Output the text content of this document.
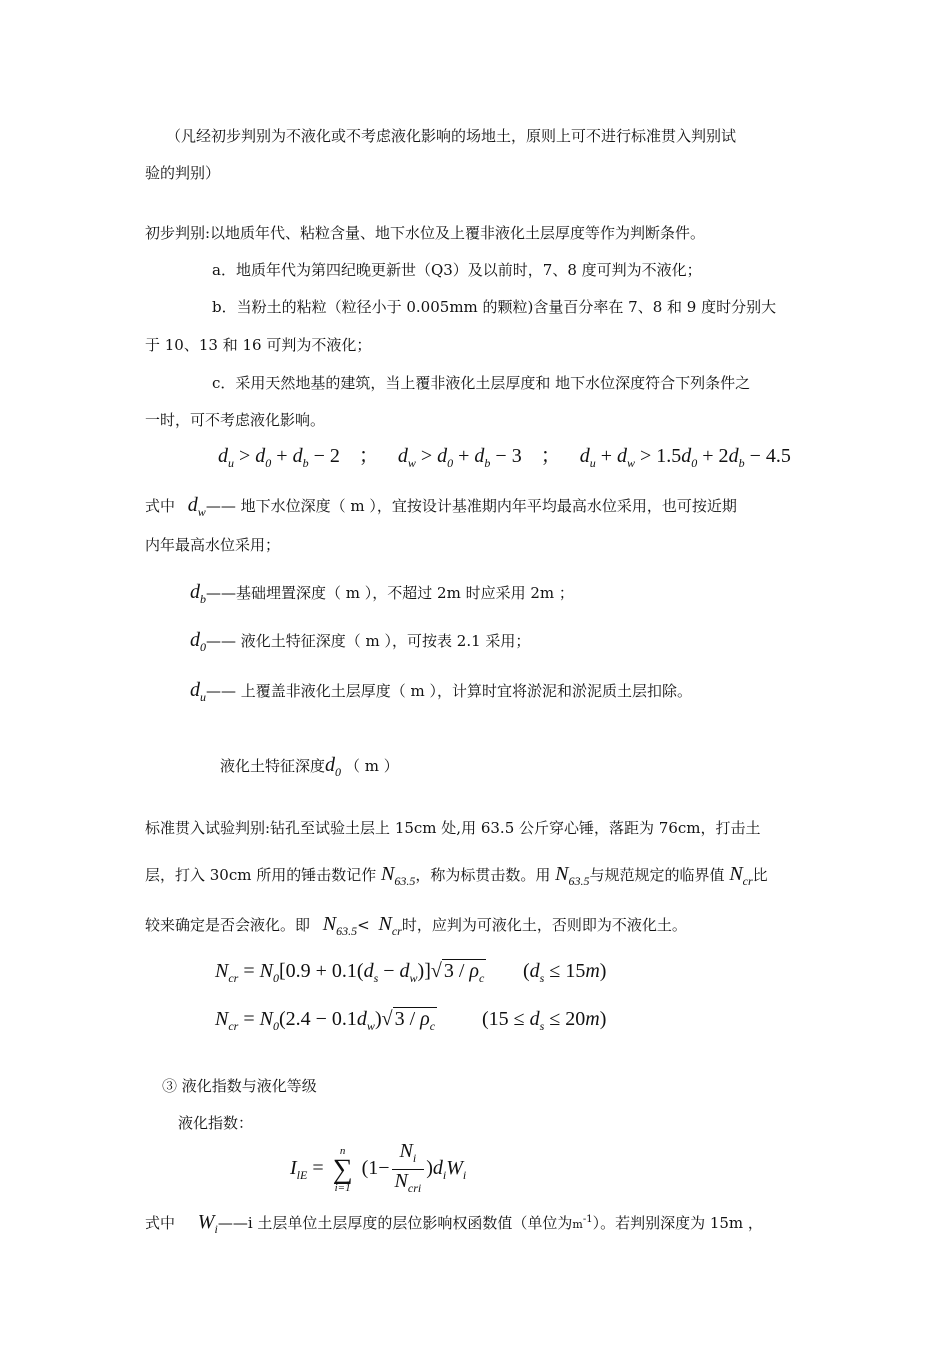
（凡经初步判别为不液化或不考虑液化影响的场地土，原则上可不进行标准贯入判别试
验的判别）
初步判别:以地质年代、粘粒含量、地下水位及上覆非液化土层厚度等作为判断条件。
a．地质年代为第四纪晚更新世（Q3）及以前时，7、8 度可判为不液化；
b．当粉土的粘粒（粒径小于 0.005mm 的颗粒)含量百分率在 7、8 和 9 度时分别大
于 10、13 和 16 可判为不液化；
c．采用天然地基的建筑，当上覆非液化土层厚度和 地下水位深度符合下列条件之
一时，可不考虑液化影响。
$d_u > d_0 + d_b - 2$ ； $d_w > d_0 + d_b - 3$ ； $d_u + d_w > 1.5d_0 + 2d_b - 4.5$
式中 $d_w——$ 地下水位深度（ m ），宜按设计基准期内年平均最高水位采用，也可按近期
内年最高水位采用；
$d_b——$基础埋置深度（ m ），不超过 2m 时应采用 2m ；
$d_0——$ 液化土特征深度（ m ），可按表 2.1 采用；
$d_u——$ 上覆盖非液化土层厚度（ m ），计算时宜将淤泥和淤泥质土层扣除。
液化土特征深度$d_0$ （ m ）
标准贯入试验判别:钻孔至试验土层上 15cm 处,用 63.5 公斤穿心锤，落距为 76cm，打击土
层，打入 30cm 所用的锤击数记作 $N_{63.5}$，称为标贯击数。用 $N_{63.5}$与规范规定的临界值 $N_{cr}$比
较来确定是否会液化。即 $N_{63.5}< N_{cr}$时，应判为可液化土，否则即为不液化土。
$N_{cr} = N_0[0.9 + 0.1(d_s - d_w)]√$ $3 / \rho_c$ $(d_s \le 15m)$
$N_{cr} = N_0(2.4 - 0.1d_w)√$ $3 / \rho_c$ $(15 \le d_s \le 20m)$
③ 液化指数与液化等级
液化指数：
$I_{lE}$ =
n
∑
i=1
$(1- \frac{N_i}{N_{cri}} )d_iW_i$
式中 $W_i——i$ 土层单位土层厚度的层位影响权函数值（单位为$m^{-1}$）。若判别深度为 15m ，
